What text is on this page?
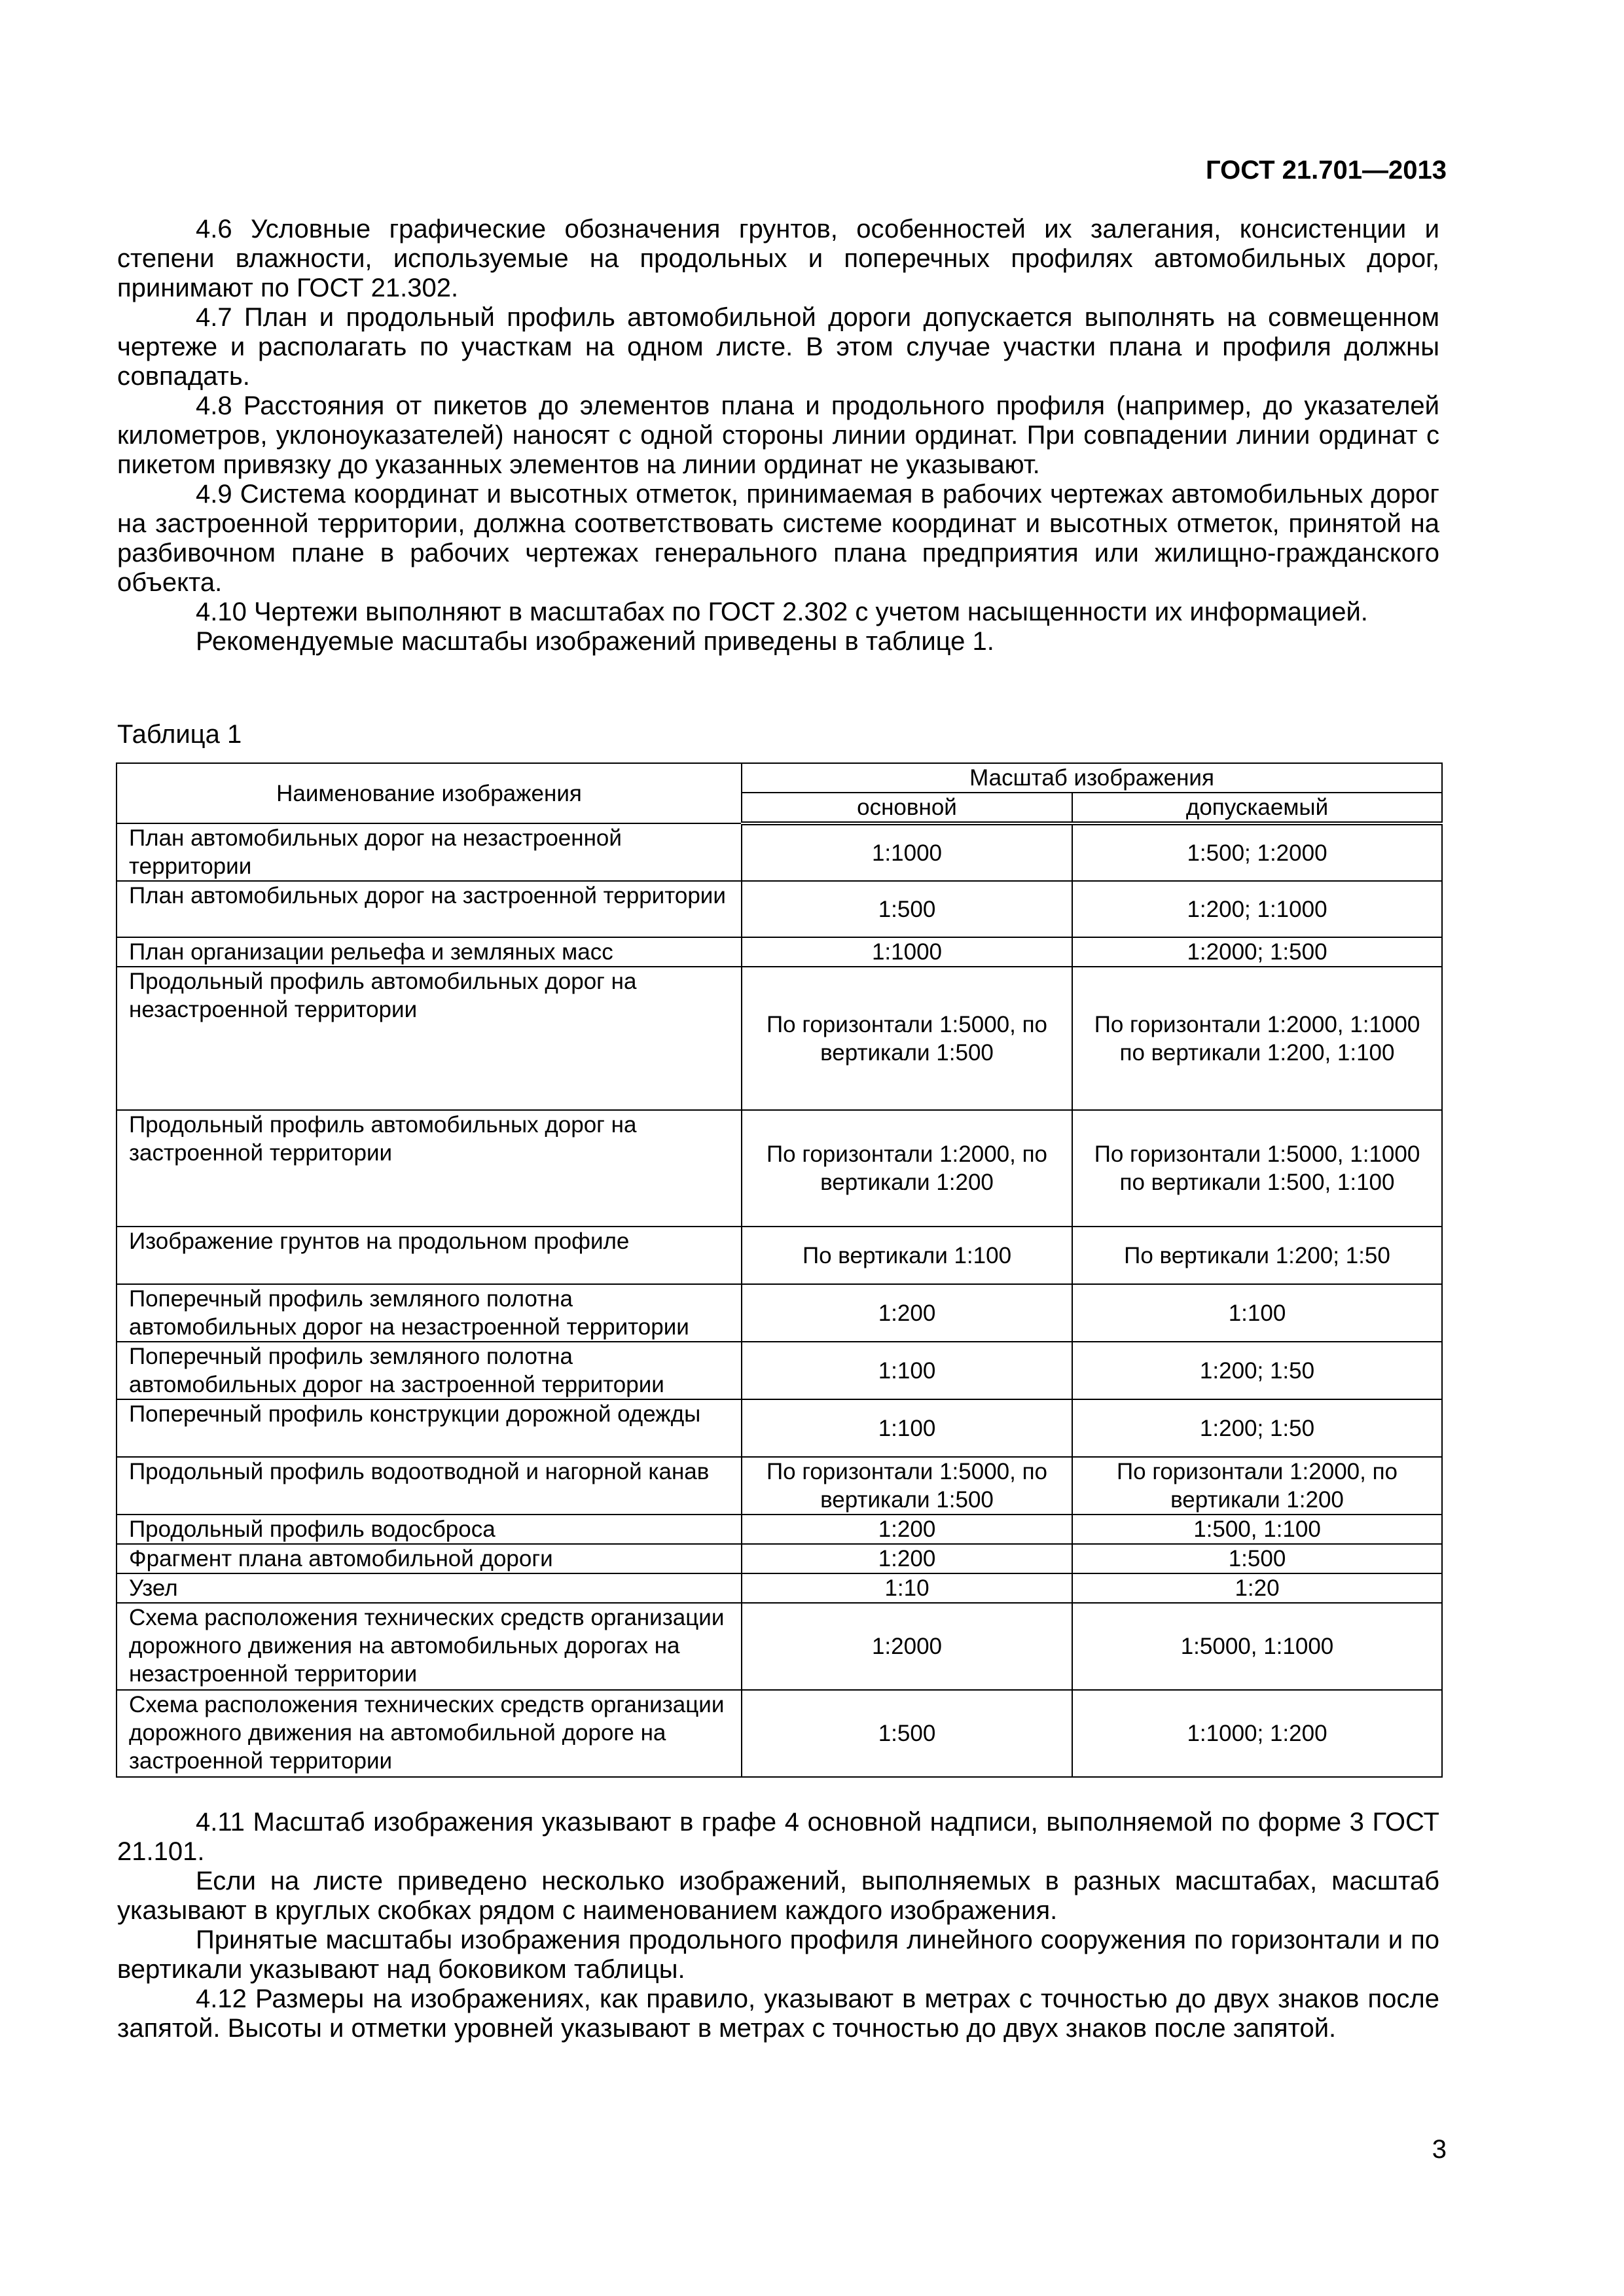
ГОСТ 21.701—2013

4.6 Условные графические обозначения грунтов, особенностей их залегания, консистенции и степени влажности, используемые на продольных и поперечных профилях автомобильных дорог, принимают по ГОСТ 21.302.

4.7 План и продольный профиль автомобильной дороги допускается выполнять на совмещенном чертеже и располагать по участкам на одном листе. В этом случае участки плана и профиля должны совпадать.

4.8 Расстояния от пикетов до элементов плана и продольного профиля (например, до указателей километров, уклоноуказателей) наносят с одной стороны линии ординат. При совпадении линии ординат с пикетом привязку до указанных элементов на линии ординат не указывают.

4.9 Система координат и высотных отметок, принимаемая в рабочих чертежах автомобильных дорог на застроенной территории, должна соответствовать системе координат и высотных отметок, принятой на разбивочном плане в рабочих чертежах генерального плана предприятия или жилищно-гражданского объекта.

4.10 Чертежи выполняют в масштабах по ГОСТ 2.302 с учетом насыщенности их информацией.

Рекомендуемые масштабы изображений приведены в таблице 1.

Таблица 1
Наименование изображения	Масштаб изображения	
	основной	допускаемый
План автомобильных дорог на незастроенной территории	1:1000	1:500; 1:2000
План автомобильных дорог на застроенной территории	1:500	1:200; 1:1000
План организации рельефа и земляных масс	1:1000	1:2000; 1:500
Продольный профиль автомобильных дорог на незастроенной территории	По горизонтали 1:5000, по вертикали 1:500	По горизонтали 1:2000, 1:1000 по вертикали 1:200, 1:100
Продольный профиль автомобильных дорог на застроенной территории	По горизонтали 1:2000, по вертикали 1:200	По горизонтали 1:5000, 1:1000 по вертикали 1:500, 1:100
Изображение грунтов на продольном профиле	По вертикали 1:100	По вертикали 1:200; 1:50
Поперечный профиль земляного полотна автомобильных дорог на незастроенной территории	1:200	1:100
Поперечный профиль земляного полотна автомобильных дорог на застроенной территории	1:100	1:200; 1:50
Поперечный профиль конструкции дорожной одежды	1:100	1:200; 1:50
Продольный профиль водоотводной и нагорной канав	По горизонтали 1:5000, по вертикали 1:500	По горизонтали 1:2000, по вертикали 1:200
Продольный профиль водосброса	1:200	1:500, 1:100
Фрагмент плана автомобильной дороги	1:200	1:500
Узел	1:10	1:20
Схема расположения технических средств организации дорожного движения на автомобильных дорогах на незастроенной территории	1:2000	1:5000, 1:1000
Схема расположения технических средств организации дорожного движения на автомобильной дороге на застроенной территории	1:500	1:1000; 1:200

4.11 Масштаб изображения указывают в графе 4 основной надписи, выполняемой по форме 3 ГОСТ 21.101.

Если на листе приведено несколько изображений, выполняемых в разных масштабах, масштаб указывают в круглых скобках рядом с наименованием каждого изображения.

Принятые масштабы изображения продольного профиля линейного сооружения по горизонтали и по вертикали указывают над боковиком таблицы.

4.12 Размеры на изображениях, как правило, указывают в метрах с точностью до двух знаков после запятой. Высоты и отметки уровней указывают в метрах с точностью до двух знаков после запятой.

3
